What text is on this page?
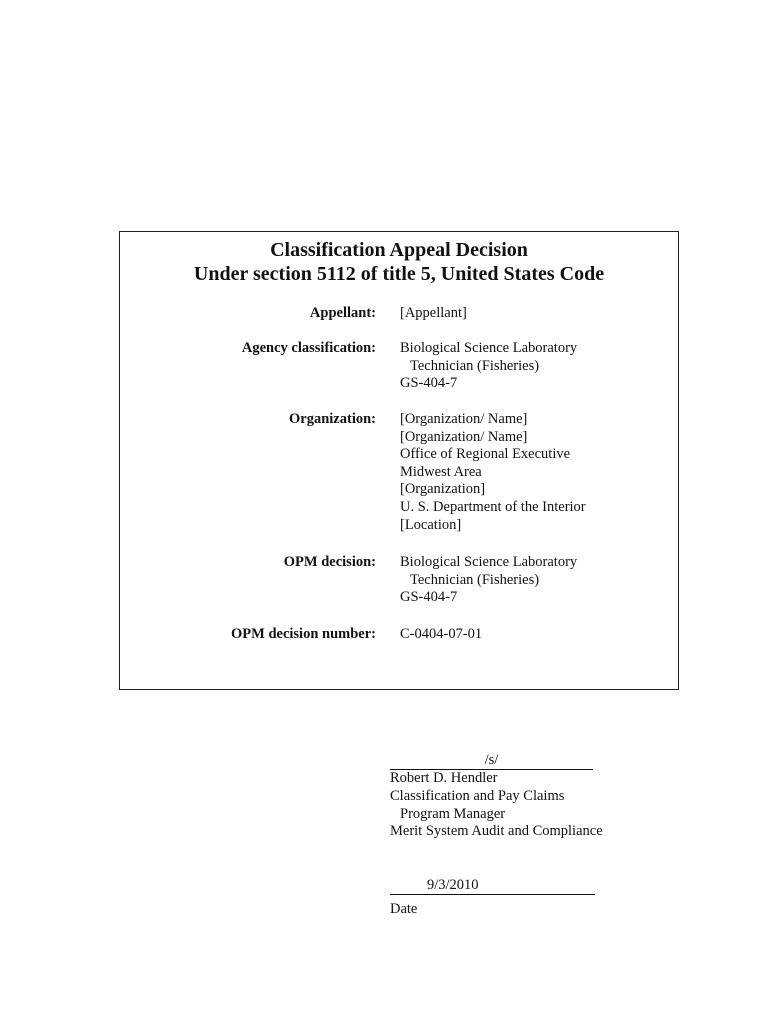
Classification Appeal Decision
Under section 5112 of title 5, United States Code
Appellant: [Appellant]
Agency classification: Biological Science Laboratory
Technician (Fisheries)
GS-404-7
Organization: [Organization/ Name]
[Organization/ Name]
Office of Regional Executive
Midwest Area
[Organization]
U. S. Department of the Interior
[Location]
OPM decision: Biological Science Laboratory
Technician (Fisheries)
GS-404-7
OPM decision number: C-0404-07-01
/s/
Robert D. Hendler
Classification and Pay Claims
Program Manager
Merit System Audit and Compliance
9/3/2010
Date
